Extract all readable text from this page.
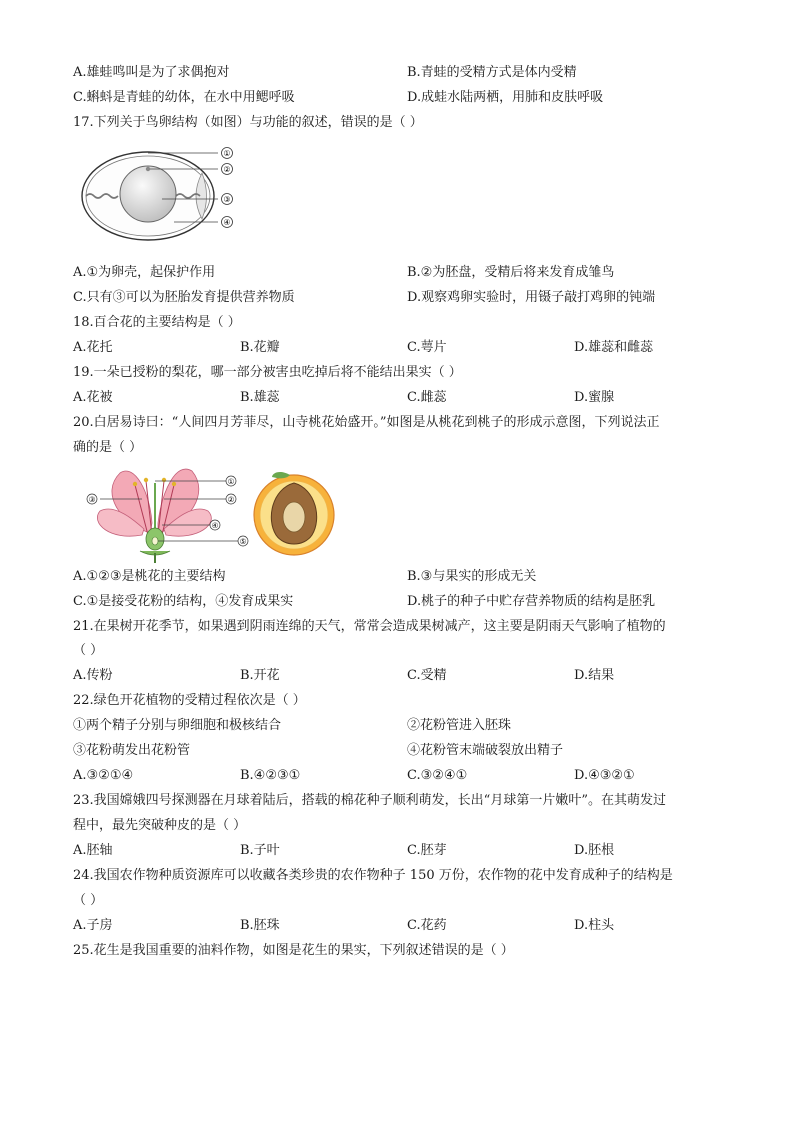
A.雄蛙鸣叫是为了求偶抱对	B.青蛙的受精方式是体内受精
C.蝌蚪是青蛙的幼体，在水中用鳃呼吸	D.成蛙水陆两栖，用肺和皮肤呼吸
17.下列关于鸟卵结构（如图）与功能的叙述，错误的是（ ）
①
②
③
④
A.①为卵壳，起保护作用	B.②为胚盘，受精后将来发育成雏鸟
C.只有③可以为胚胎发育提供营养物质	D.观察鸡卵实验时，用镊子敲打鸡卵的钝端
18.百合花的主要结构是（ ）
A.花托	B.花瓣	C.萼片	D.雄蕊和雌蕊
19.一朵已授粉的梨花，哪一部分被害虫吃掉后将不能结出果实（ ）
A.花被	B.雄蕊	C.雌蕊	D.蜜腺
20.白居易诗曰：“人间四月芳菲尽，山寺桃花始盛开。”如图是从桃花到桃子的形成示意图，下列说法正
确的是（ ）
①
②
③
④
⑤
A.①②③是桃花的主要结构	B.③与果实的形成无关
C.①是接受花粉的结构，④发育成果实	D.桃子的种子中贮存营养物质的结构是胚乳
21.在果树开花季节，如果遇到阴雨连绵的天气，常常会造成果树减产，这主要是阴雨天气影响了植物的
（ ）
A.传粉	B.开花	C.受精	D.结果
22.绿色开花植物的受精过程依次是（ ）
①两个精子分别与卵细胞和极核结合	②花粉管进入胚珠
③花粉萌发出花粉管	④花粉管末端破裂放出精子
A.③②①④	B.④②③①	C.③②④①	D.④③②①
23.我国嫦娥四号探测器在月球着陆后，搭载的棉花种子顺利萌发，长出“月球第一片嫩叶”。在其萌发过
程中，最先突破种皮的是（ ）
A.胚轴	B.子叶	C.胚芽	D.胚根
24.我国农作物种质资源库可以收藏各类珍贵的农作物种子 150 万份，农作物的花中发育成种子的结构是
（ ）
A.子房	B.胚珠	C.花药	D.柱头
25.花生是我国重要的油料作物，如图是花生的果实，下列叙述错误的是（ ）
